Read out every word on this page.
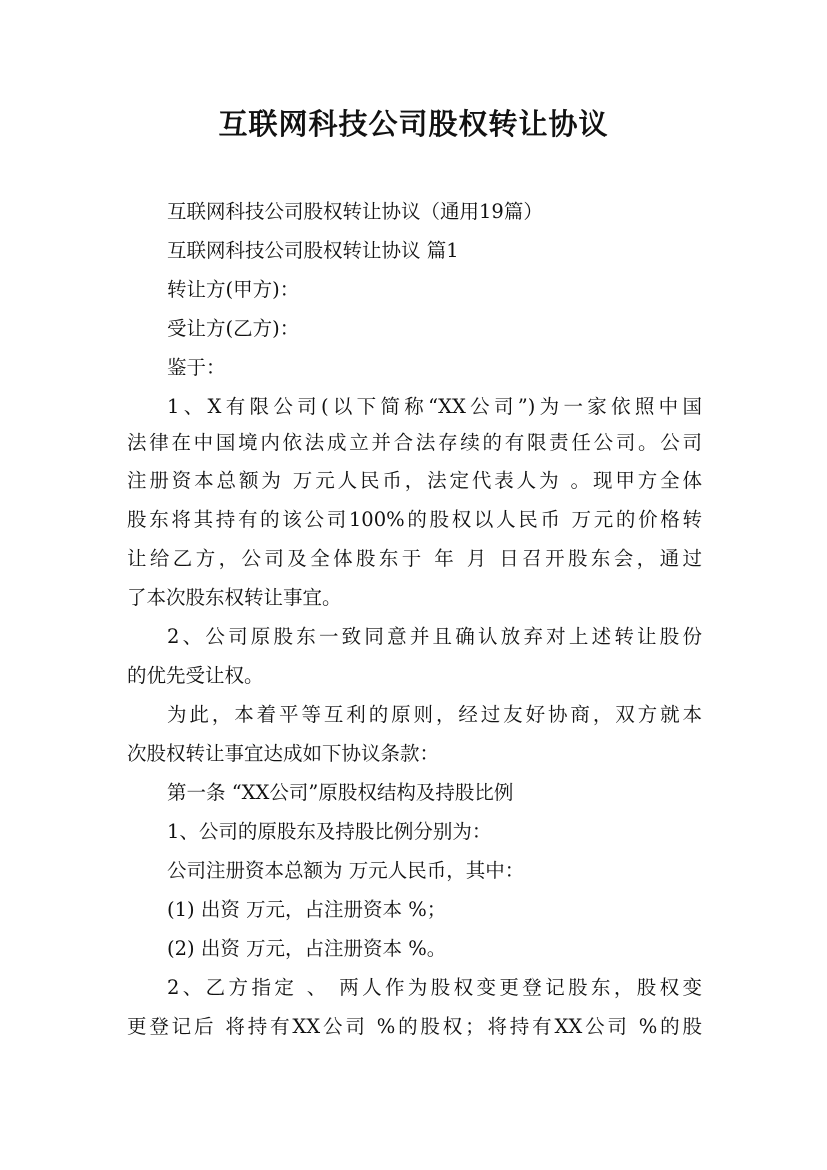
互联网科技公司股权转让协议

互联网科技公司股权转让协议（通用19篇）

互联网科技公司股权转让协议 篇1

转让方(甲方)：

受让方(乙方)：

鉴于：

1、X有限公司(以下简称“XX公司”)为一家依照中国

法律在中国境内依法成立并合法存续的有限责任公司。公司

注册资本总额为 万元人民币，法定代表人为 。现甲方全体

股东将其持有的该公司100%的股权以人民币 万元的价格转

让给乙方，公司及全体股东于 年 月 日召开股东会，通过

了本次股东权转让事宜。

2、公司原股东一致同意并且确认放弃对上述转让股份

的优先受让权。

为此，本着平等互利的原则，经过友好协商，双方就本

次股权转让事宜达成如下协议条款：

第一条 “XX公司”原股权结构及持股比例

1、公司的原股东及持股比例分别为：

公司注册资本总额为 万元人民币，其中：

(1) 出资 万元，占注册资本 %；

(2) 出资 万元，占注册资本 %。

2、乙方指定 、 两人作为股权变更登记股东，股权变

更登记后 将持有XX公司 %的股权；将持有XX公司 %的股
